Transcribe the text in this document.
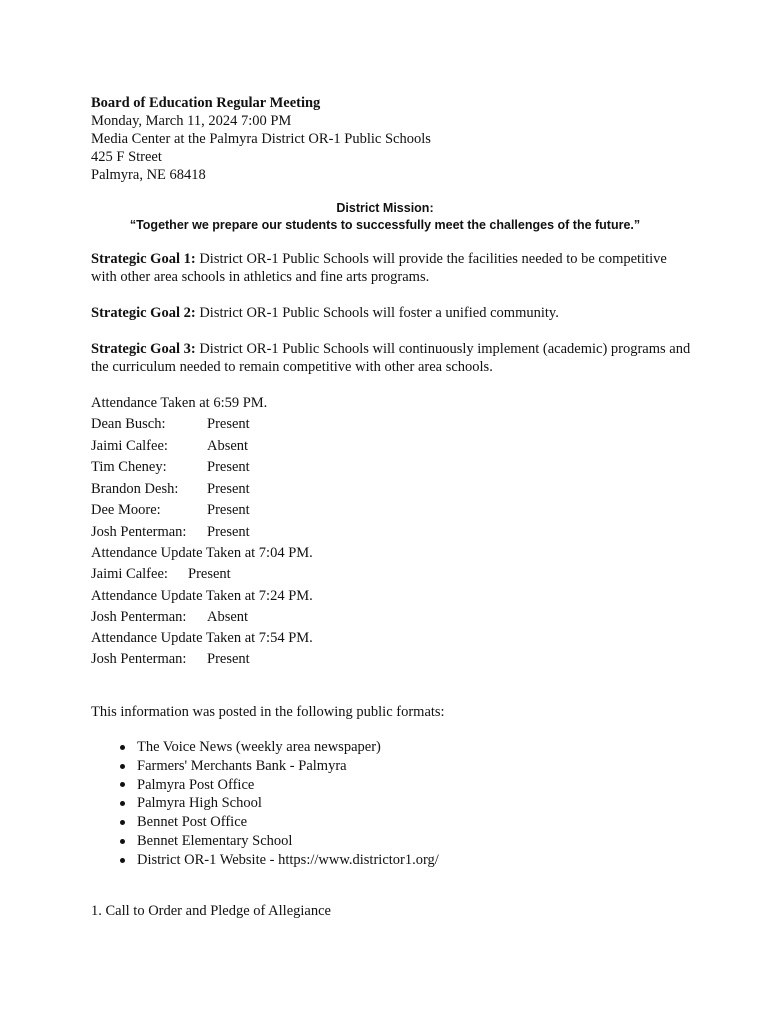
Board of Education Regular Meeting
Monday, March 11, 2024 7:00 PM
Media Center at the Palmyra District OR-1 Public Schools
425 F Street
Palmyra, NE 68418
District Mission:
“Together we prepare our students to successfully meet the challenges of the future.”
Strategic Goal 1: District OR-1 Public Schools will provide the facilities needed to be competitive with other area schools in athletics and fine arts programs.
Strategic Goal 2: District OR-1 Public Schools will foster a unified community.
Strategic Goal 3: District OR-1 Public Schools will continuously implement (academic) programs and the curriculum needed to remain competitive with other area schools.
Attendance Taken at 6:59 PM.
Dean Busch:	Present
Jaimi Calfee:	Absent
Tim Cheney:	Present
Brandon Desh:	Present
Dee Moore:	Present
Josh Penterman:	Present
Attendance Update Taken at 7:04 PM.
Jaimi Calfee:	Present
Attendance Update Taken at 7:24 PM.
Josh Penterman:	Absent
Attendance Update Taken at 7:54 PM.
Josh Penterman:	Present
This information was posted in the following public formats:
The Voice News (weekly area newspaper)
Farmers' Merchants Bank - Palmyra
Palmyra Post Office
Palmyra High School
Bennet Post Office
Bennet Elementary School
District OR-1 Website - https://www.districtor1.org/
1. Call to Order and Pledge of Allegiance
